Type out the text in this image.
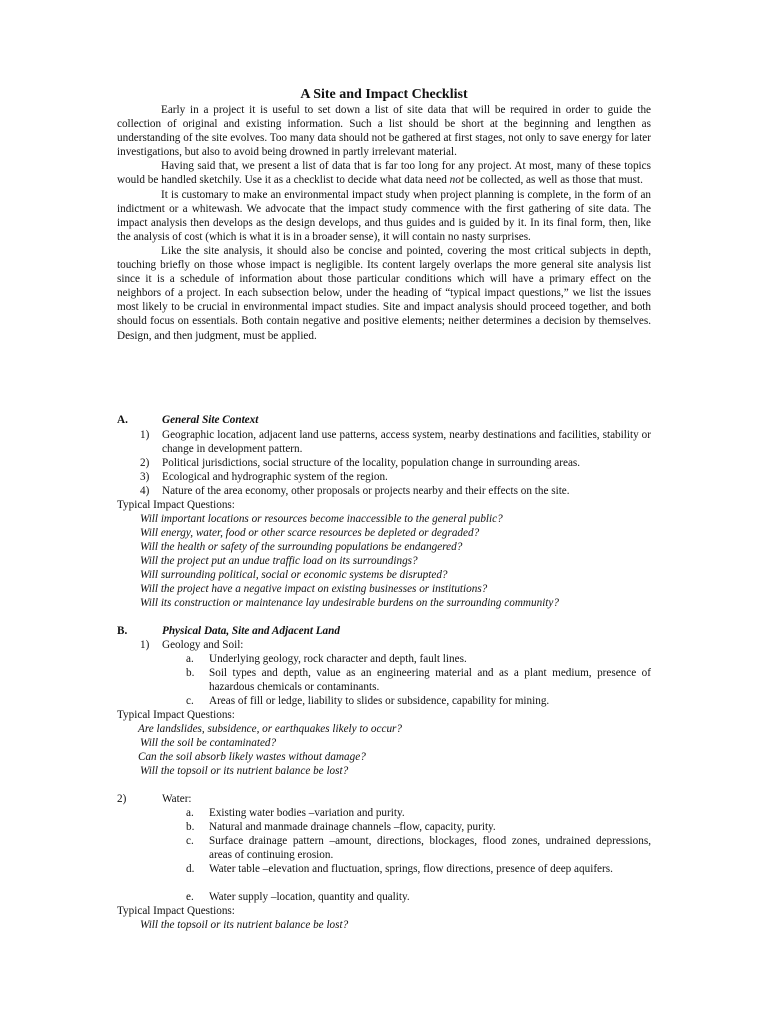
A Site and Impact Checklist

Early in a project it is useful to set down a list of site data that will be required in order to guide the collection of original and existing information. Such a list should be short at the beginning and lengthen as understanding of the site evolves. Too many data should not be gathered at first stages, not only to save energy for later investigations, but also to avoid being drowned in partly irrelevant material.

Having said that, we present a list of data that is far too long for any project. At most, many of these topics would be handled sketchily. Use it as a checklist to decide what data need not be collected, as well as those that must.

It is customary to make an environmental impact study when project planning is complete, in the form of an indictment or a whitewash. We advocate that the impact study commence with the first gathering of site data. The impact analysis then develops as the design develops, and thus guides and is guided by it. In its final form, then, like the analysis of cost (which is what it is in a broader sense), it will contain no nasty surprises.

Like the site analysis, it should also be concise and pointed, covering the most critical subjects in depth, touching briefly on those whose impact is negligible. Its content largely overlaps the more general site analysis list since it is a schedule of information about those particular conditions which will have a primary effect on the neighbors of a project. In each subsection below, under the heading of “typical impact questions,” we list the issues most likely to be crucial in environmental impact studies. Site and impact analysis should proceed together, and both should focus on essentials. Both contain negative and positive elements; neither determines a decision by themselves. Design, and then judgment, must be applied.

A.	General Site Context
1)	Geographic location, adjacent land use patterns, access system, nearby destinations and facilities, stability or change in development pattern.
2)	Political jurisdictions, social structure of the locality, population change in surrounding areas.
3)	Ecological and hydrographic system of the region.
4)	Nature of the area economy, other proposals or projects nearby and their effects on the site.
Typical Impact Questions:
Will important locations or resources become inaccessible to the general public?
Will energy, water, food or other scarce resources be depleted or degraded?
Will the health or safety of the surrounding populations be endangered?
Will the project put an undue traffic load on its surroundings?
Will surrounding political, social or economic systems be disrupted?
Will the project have a negative impact on existing businesses or institutions?
Will its construction or maintenance lay undesirable burdens on the surrounding community?
B.	Physical Data, Site and Adjacent Land
1)	Geology and Soil:
a. Underlying geology, rock character and depth, fault lines.
b. Soil types and depth, value as an engineering material and as a plant medium, presence of hazardous chemicals or contaminants.
c. Areas of fill or ledge, liability to slides or subsidence, capability for mining.
Typical Impact Questions:
Are landslides, subsidence, or earthquakes likely to occur?
Will the soil be contaminated?
Can the soil absorb likely wastes without damage?
Will the topsoil or its nutrient balance be lost?
2)	Water:
a. Existing water bodies –variation and purity.
b. Natural and manmade drainage channels –flow, capacity, purity.
c. Surface drainage pattern –amount, directions, blockages, flood zones, undrained depressions, areas of continuing erosion.
d. Water table –elevation and fluctuation, springs, flow directions, presence of deep aquifers.
e. Water supply –location, quantity and quality.
Typical Impact Questions:
Will the topsoil or its nutrient balance be lost?
